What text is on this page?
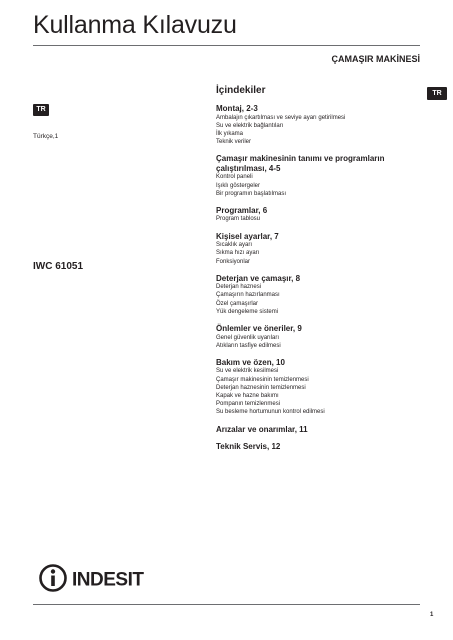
Kullanma Kılavuzu
ÇAMAŞIR MAKİNESİ
TR
Türkçe,1
IWC 61051
TR
İçindekiler
Montaj, 2-3
Ambalajın çıkartılması ve seviye ayarı getirilmesi
Su ve elektrik bağlantıları
İlk yıkama
Teknik veriler
Çamaşır makinesinin tanımı ve programların çalıştırılması, 4-5
Kontrol paneli
Işıklı göstergeler
Bir programın başlatılması
Programlar, 6
Program tablosu
Kişisel ayarlar, 7
Sıcaklık ayarı
Sıkma hızı ayarı
Fonksiyonlar
Deterjan ve çamaşır, 8
Deterjan haznesi
Çamaşırın hazırlanması
Özel çamaşırlar
Yük dengeleme sistemi
Önlemler ve öneriler, 9
Genel güvenlik uyarıları
Atıkların tasfiye edilmesi
Bakım ve özen, 10
Su ve elektrik kesilmesi
Çamaşır makinesinin temizlenmesi
Deterjan haznesinin temizlenmesi
Kapak ve hazne bakımı
Pompanın temizlenmesi
Su besleme hortumunun kontrol edilmesi
Arızalar ve onarımlar, 11
Teknik Servis, 12
INDESIT
1
